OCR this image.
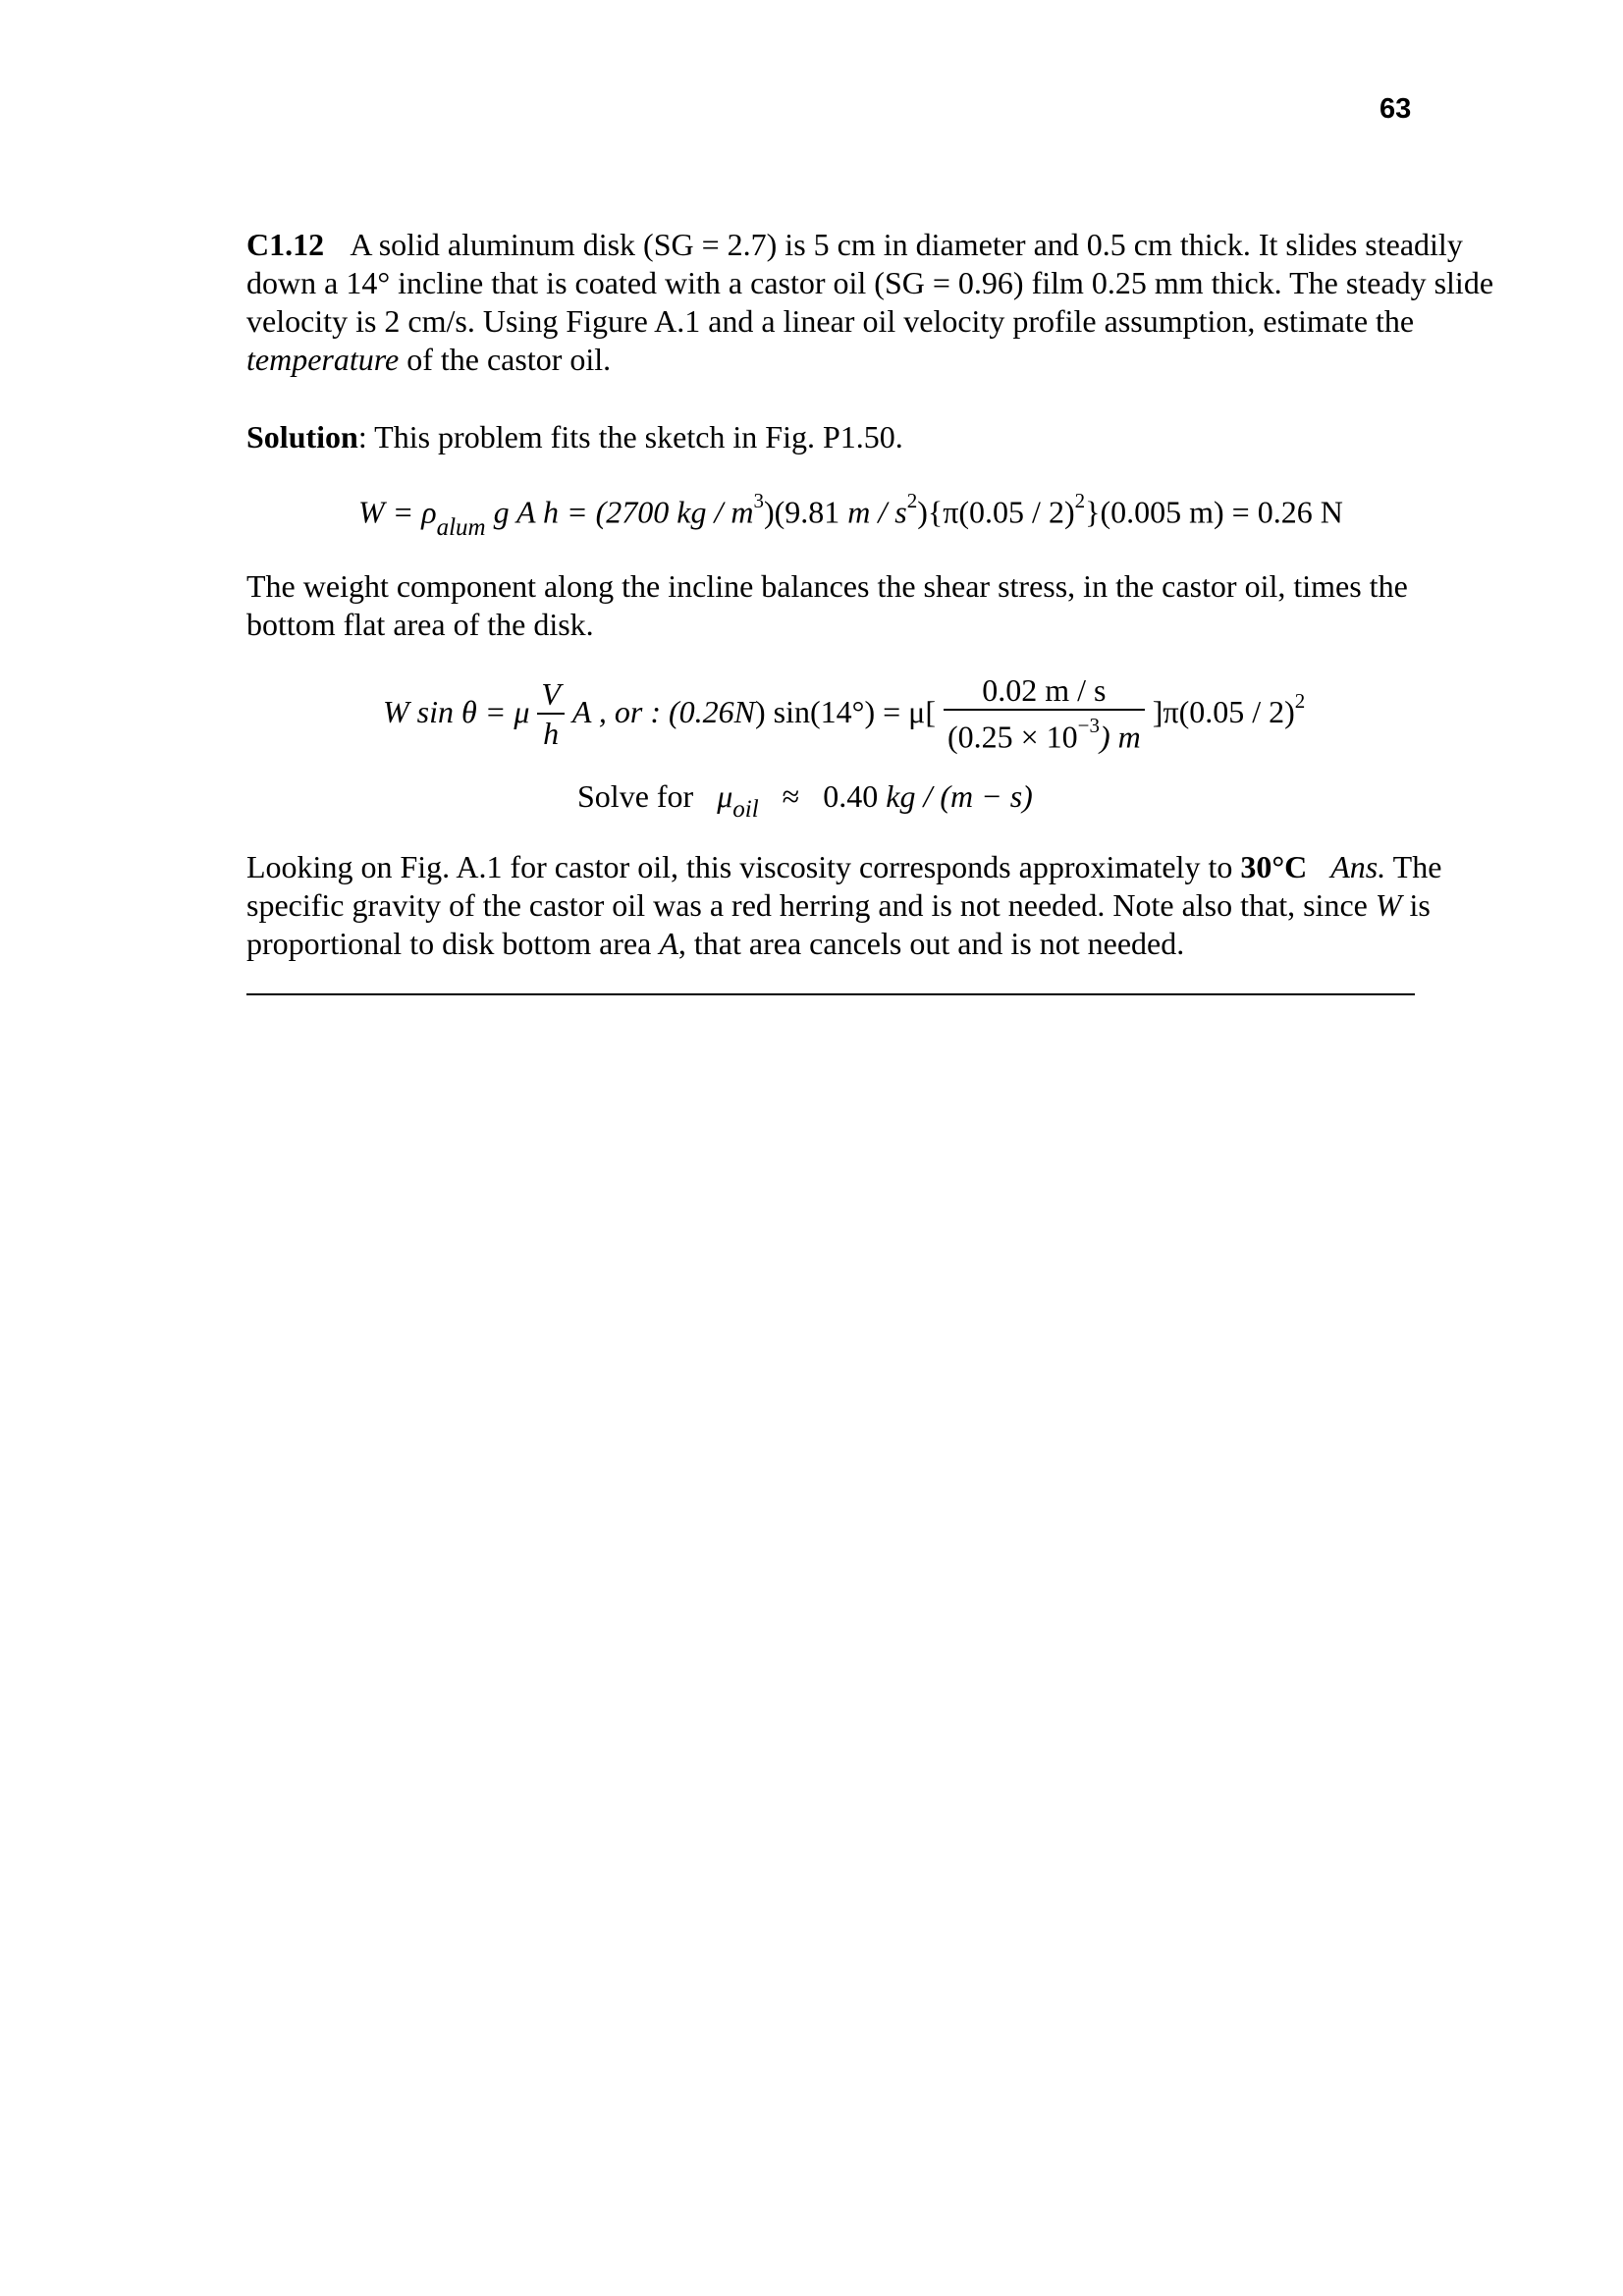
63
C1.12 A solid aluminum disk (SG = 2.7) is 5 cm in diameter and 0.5 cm thick. It slides steadily down a 14° incline that is coated with a castor oil (SG = 0.96) film 0.25 mm thick. The steady slide velocity is 2 cm/s. Using Figure A.1 and a linear oil velocity profile assumption, estimate the temperature of the castor oil.
Solution: This problem fits the sketch in Fig. P1.50.
$W = \rho_{alum}$ g A h = (2700 kg / $m^3)(9.81$ m / $s^2)\{\pi(0.05 / 2)^2\}(0.005$ m) = 0.26 N
The weight component along the incline balances the shear stress, in the castor oil, times the bottom flat area of the disk.
W sin θ = μ $\frac{V}{h}$ A , or : (0.26N) $\sin(14^\circ) = \mu[ \frac{0.02 m / s}{(0.25 \times 10^{-3}) m} ]\pi(0.05 / 2)^2$
Solve for $\mu_{oil} \approx 0.40$ kg / (m − s)
Looking on Fig. A.1 for castor oil, this viscosity corresponds approximately to 30°C Ans. The specific gravity of the castor oil was a red herring and is not needed. Note also that, since W is proportional to disk bottom area A, that area cancels out and is not needed.
